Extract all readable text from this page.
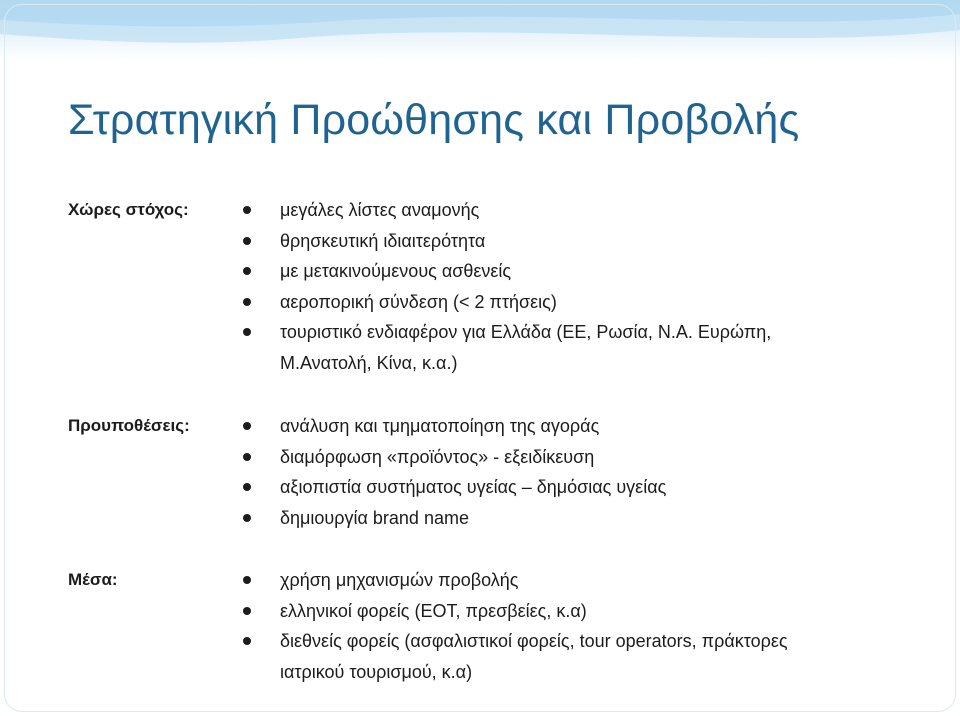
Στρατηγική Προώθησης και Προβολής
Χώρες στόχος:	μεγάλες λίστες αναμονής
θρησκευτική ιδιαιτερότητα
με μετακινούμενους ασθενείς
αεροπορική σύνδεση (< 2 πτήσεις)
τουριστικό ενδιαφέρον για Ελλάδα (ΕΕ, Ρωσία, Ν.Α. Ευρώπη, Μ.Ανατολή, Κίνα, κ.α.)
Προυποθέσεις:	ανάλυση και τμηματοποίηση της αγοράς
διαμόρφωση «προϊόντος» - εξειδίκευση
αξιοπιστία συστήματος υγείας – δημόσιας υγείας
δημιουργία brand name
Μέσα:	χρήση μηχανισμών προβολής
ελληνικοί φορείς (ΕΟΤ, πρεσβείες, κ.α)
διεθνείς φορείς (ασφαλιστικοί φορείς, tour operators, πράκτορες ιατρικού τουρισμού, κ.α)
